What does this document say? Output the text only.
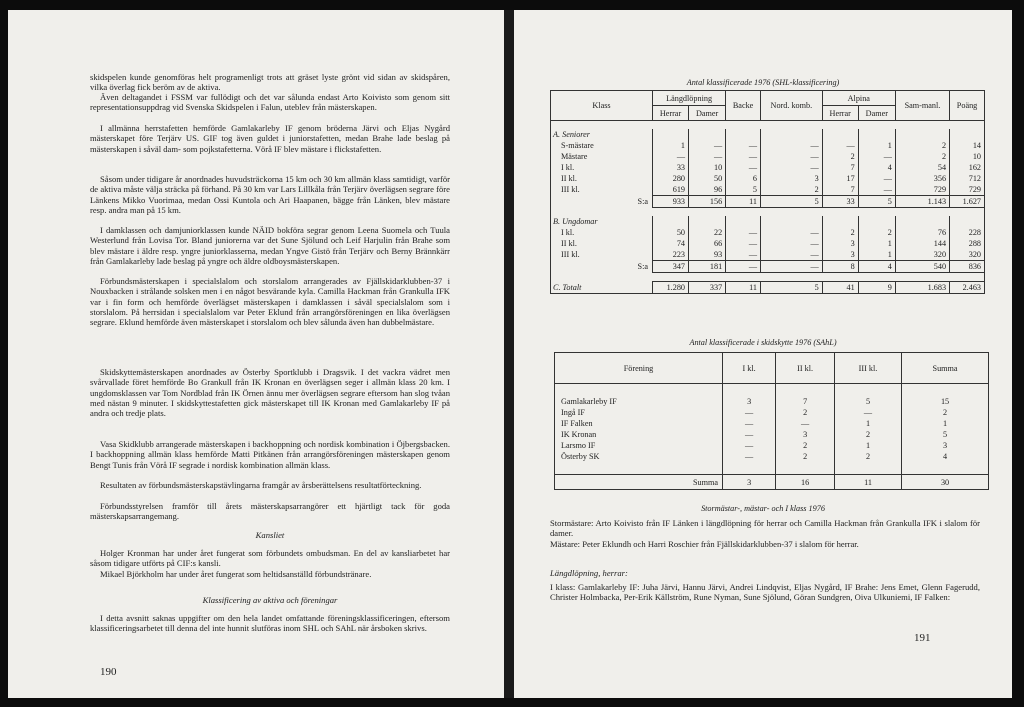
skidspelen kunde genomföras helt programenligt trots att gräset lyste grönt vid sidan av skidspåren, vilka överlag fick beröm av de aktiva.

Även deltagandet i FSSM var fullödigt och det var sålunda endast Arto Koivisto som genom sitt representationsuppdrag vid Svenska Skidspelen i Falun, uteblev från mästerskapen.

I allmänna herrstafetten hemförde Gamlakarleby IF genom bröderna Järvi och Eljas Nygård mästerskapet före Terjärv US. GIF tog även guldet i juniorstafetten, medan Brahe lade beslag på mästerskapen i såväl dam- som pojkstafetterna. Vörå IF blev mästare i flickstafetten.

Såsom under tidigare år anordnades huvudsträckorna 15 km och 30 km allmän klass samtidigt, varför de aktiva måste välja sträcka på förhand. På 30 km var Lars Lillkåla från Terjärv överlägsen segrare före Länkens Mikko Vuorimaa, medan Ossi Kuntola och Ari Haapanen, bägge från Länken, blev mästare resp. andra man på 15 km.

I damklassen och damjuniorklassen kunde NÄID bokföra segrar genom Leena Suomela och Tuula Westerlund från Lovisa Tor. Bland juniorerna var det Sune Sjölund och Leif Harjulin från Brahe som blev mästare i äldre resp. yngre juniorklasserna, medan Yngve Gistö från Terjärv och Berny Brännkärr från Gamlakarleby lade beslag på yngre och äldre oldboysmästerskapen.

Förbundsmästerskapen i specialslalom och storslalom arrangerades av Fjällskidarklubben-37 i Nouxbacken i strålande solsken men i en något besvärande kyla. Camilla Hackman från Grankulla IFK var i fin form och hemförde överlägset mästerskapen i damklassen i såväl specialslalom som i storslalom. På herrsidan i specialslalom var Peter Eklund från arrangörsföreningen en lika överlägsen segrare. Eklund hemförde även mästerskapet i storslalom och blev sålunda även han dubbelmästare.

Skidskyttemästerskapen anordnades av Österby Sportklubb i Dragsvik. I det vackra vädret men svårvallade föret hemförde Bo Grankull från IK Kronan en överlägsen seger i allmän klass 20 km. I ungdomsklassen var Tom Nordblad från IK Örnen ännu mer överlägsen segrare eftersom han slog tvåan med nästan 9 minuter. I skidskyttestafetten gick mästerskapet till IK Kronan med Gamlakarleby IF på andra och tredje plats.

Vasa Skidklubb arrangerade mästerskapen i backhoppning och nordisk kombination i Öjbergsbacken. I backhoppning allmän klass hemförde Matti Pitkänen från arrangörsföreningen mästerskapen genom Bengt Tunis från Vörå IF segrade i nordisk kombination allmän klass.

Resultaten av förbundsmästerskapstävlingarna framgår av årsberättelsens resultatförteckning.

Förbundsstyrelsen framför till årets mästerskapsarrangörer ett hjärtligt tack för goda mästerskapsarrangemang.

Kansliet

Holger Kronman har under året fungerat som förbundets ombudsman. En del av kansliarbetet har såsom tidigare utförts på CIF:s kansli.

Mikael Björkholm har under året fungerat som heltidsanställd förbundstränare.

Klassificering av aktiva och föreningar

I detta avsnitt saknas uppgifter om den hela landet omfattande föreningsklassificeringen, eftersom klassificeringsarbetet till denna del inte hunnit slutföras inom SHL och SAhL när årsboken skrivs.

190

Antal klassificerade 1976 (SHL-klassificering)

Klass	Längdlöpning		Backe	Nord. komb.	Alpina		Sam-manl.	Poäng
	Herrar	Damer			Herrar	Damer		

A. Seniorer								
S-mästare	1	—	—	—	—	1	2	14
Mästare	—	—	—	—	2	—	2	10
I kl.	33	10	—	—	7	4	54	162
II kl.	280	50	6	3	17	—	356	712
III kl.	619	96	5	2	7	—	729	729
S:a	933	156	11	5	33	5	1.143	1.627

B. Ungdomar								
I kl.	50	22	—	—	2	2	76	228
II kl.	74	66	—	—	3	1	144	288
III kl.	223	93	—	—	3	1	320	320
S:a	347	181	—	—	8	4	540	836

C. Totalt	1.280	337	11	5	41	9	1.683	2.463

Antal klassificerade i skidskytte 1976 (SAhL)

Förening	I kl.	II kl.	III kl.	Summa

Gamlakarleby IF	3	7	5	15
Ingå IF	—	2	—	2
IF Falken	—	—	1	1
IK Kronan	—	3	2	5
Larsmo IF	—	2	1	3
Österby SK	—	2	2	4

Summa	3	16	11	30

Stormästar-, mästar- och I klass 1976

Stormästare: Arto Koivisto från IF Länken i längdlöpning för herrar och Camilla Hackman från Grankulla IFK i slalom för damer.

Mästare: Peter Eklundh och Harri Roschier från Fjällskidarklubben-37 i slalom för herrar.

Längdlöpning, herrar:

I klass: Gamlakarleby IF: Juha Järvi, Hannu Järvi, Andrei Lindqvist, Eljas Nygård, IF Brahe: Jens Emet, Glenn Fagerudd, Christer Holmbacka, Per-Erik Källström, Rune Nyman, Sune Sjölund, Göran Sundgren, Oiva Ulkuniemi, IF Falken:

191
